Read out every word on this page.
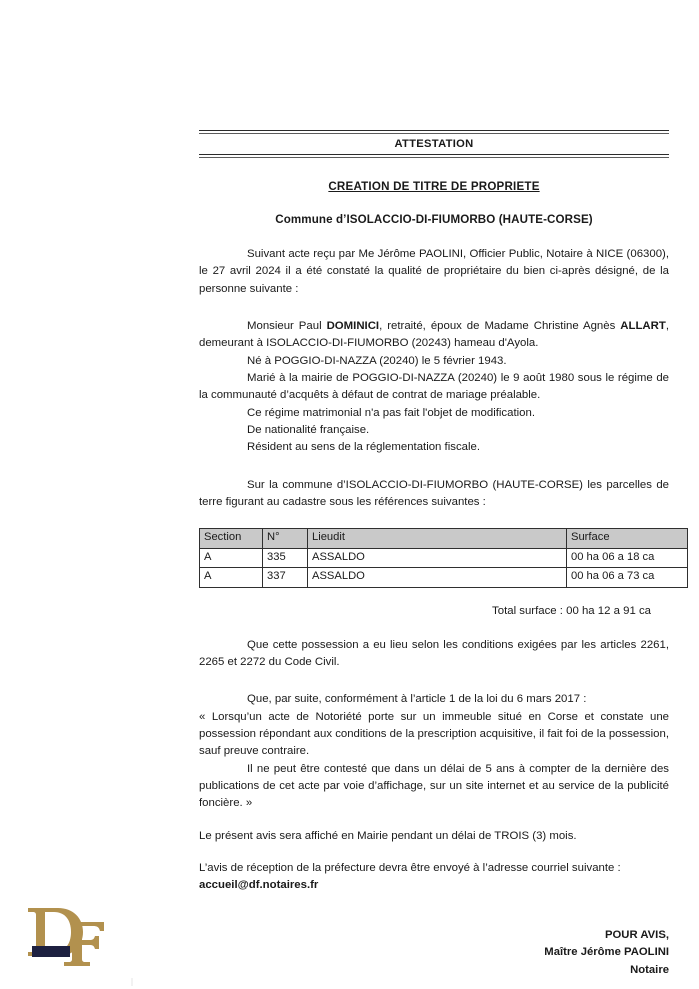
ATTESTATION
CREATION DE TITRE DE PROPRIETE
Commune d’ISOLACCIO-DI-FIUMORBO (HAUTE-CORSE)

Suivant acte reçu par Me Jérôme PAOLINI, Officier Public, Notaire à NICE (06300), le 27 avril 2024 il a été constaté la qualité de propriétaire du bien ci-après désigné, de la personne suivante :

Monsieur Paul DOMINICI, retraité, époux de Madame Christine Agnès ALLART, demeurant à ISOLACCIO-DI-FIUMORBO (20243) hameau d'Ayola.

Né à POGGIO-DI-NAZZA (20240) le 5 février 1943.

Marié à la mairie de POGGIO-DI-NAZZA (20240) le 9 août 1980 sous le régime de la communauté d’acquêts à défaut de contrat de mariage préalable.

Ce régime matrimonial n'a pas fait l'objet de modification.

De nationalité française.

Résident au sens de la réglementation fiscale.

Sur la commune d’ISOLACCIO-DI-FIUMORBO (HAUTE-CORSE) les parcelles de terre figurant au cadastre sous les références suivantes :

Section	N°	Lieudit	Surface
A	335	ASSALDO	00 ha 06 a 18 ca
A	337	ASSALDO	00 ha 06 a 73 ca
Total surface : 00 ha 12 a 91 ca

Que cette possession a eu lieu selon les conditions exigées par les articles 2261, 2265 et 2272 du Code Civil.

Que, par suite, conformément à l’article 1 de la loi du 6 mars 2017 :

« Lorsqu’un acte de Notoriété porte sur un immeuble situé en Corse et constate une possession répondant aux conditions de la prescription acquisitive, il fait foi de la possession, sauf preuve contraire.

Il ne peut être contesté que dans un délai de 5 ans à compter de la dernière des publications de cet acte par voie d’affichage, sur un site internet et au service de la publicité foncière. »

Le présent avis sera affiché en Mairie pendant un délai de TROIS (3) mois.

L’avis de réception de la préfecture devra être envoyé à l’adresse courriel suivante :

accueil@df.notaires.fr

POUR AVIS,
Maître Jérôme PAOLINI
Notaire
